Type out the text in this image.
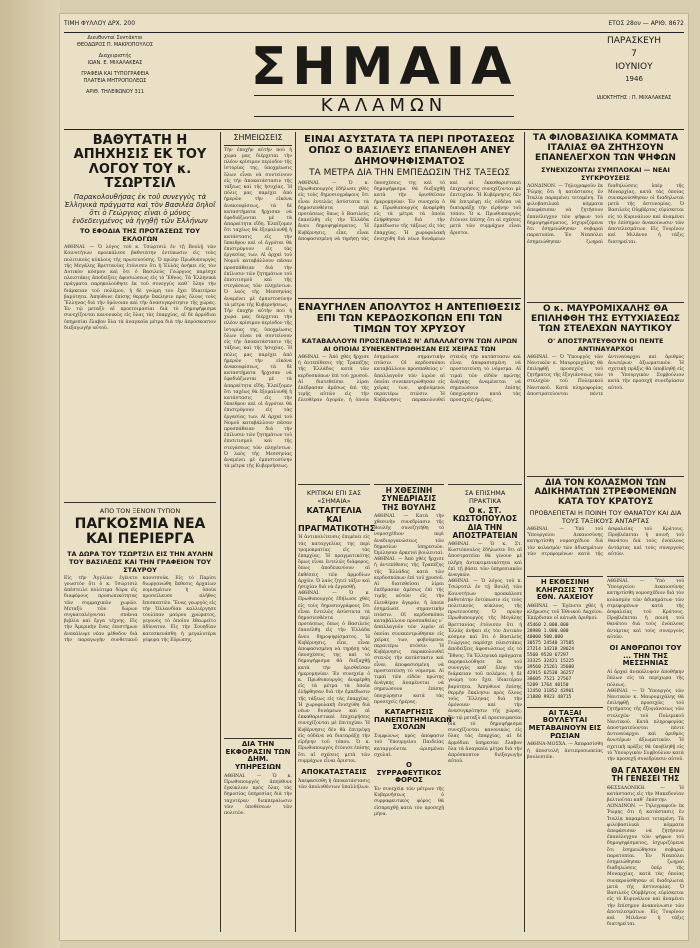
ΤΙΜΗ ΦΥΛΛΟΥ ΔΡΧ. 200	ΕΤΟΣ 28ον — ΑΡΙΘ. 8672
Διευθυνταί Συντάκται
ΘΕΟΔΩΡΟΣ Π. ΜΑΚΡΟΠΟΥΛΟΣ
Διαχειριστής
ΙΩΑΝ. Ε. ΜΙΧΑΛΑΚΕΑΣ
ΓΡΑΦΕΙΑ ΚΑΙ ΤΥΠΟΓΡΑΦΕΙΑ
ΠΛΑΤΕΙΑ ΜΗΤΡΟΠΟΛΕΩΣ
ΑΡΙΘ. ΤΗΛΕΦΩΝΟΥ 311	ΣΗΜΑΙΑ
ΚΑΛΑΜΩΝ
ΠΑΡΑΣΚΕΥΗ
7
ΙΟΥΝΙΟΥ
1946
ΙΔΙΟΚΤΗΤΗΣ : Π. ΜΙΧΑΛΑΚΕΑΣ
ΒΑΘΥΤΑΤΗ Η ΑΠΗΧΗΣΙΣ ΕΚ ΤΟΥ ΛΟΓΟΥ ΤΟΥ κ. ΤΣΩΡΤΣΙΛ
Παρακολουθήσας ἐκ τοῦ συνεγγὺς τὰ Ἑλληνικὰ πράγματα καὶ τὸν Βασιλέα δηλοῖ ὅτι ὁ Γεώργιος εἶναι ὁ μόνος ἐνδεδειγμένος νὰ ἡγηθῇ τῶν Ἑλλήνων
ΤΟ ΕΦΟΔΙΑ ΤΗΣ ΠΡΟΤΑΣΕΩΣ ΤΟΥ ΕΚΛΟΓΩΝ
ΑΘΗΝΑΙ. — Ὁ λόγος τοῦ κ. Τσώρτσιλ ἐν τῇ Βουλῇ τῶν Κοινοτήτων προεκάλεσε βαθυτάτην ἐντύπωσιν εἰς τοὺς πολιτικοὺς κύκλους τῆς πρωτευούσης. Ὁ πρώην Πρωθυπουργὸς τῆς Μεγάλης Βρεττανίας ἐτόνισεν ὅτι ἡ Ἑλλὰς ἀνήκει εἰς τὸν Δυτικὸν κόσμον καὶ ὅτι ὁ Βασιλεὺς Γεώργιος παρέσχε πλειστάκις ἀποδείξεις ἀφοσιώσεως εἰς τὸ Ἔθνος. Τὰ Ἑλληνικὰ πράγματα παρηκολούθησε ἐκ τοῦ συνεγγὺς καθ᾿ ὅλην τὴν διάρκειαν τοῦ πολέμου, ἡ δὲ γνώμη του ἔχει ἰδιαιτέραν βαρύτητα. Ἀπηύθυνε ἐπίσης θερμὴν ἔκκλησιν πρὸς ὅλους τοὺς Ἕλληνας διὰ τὴν ὁμόνοιαν καὶ τὴν ἀνασυγκρότησιν τῆς χώρας. Ἐν τῷ μεταξὺ αἱ προετοιμασίαι διὰ τὸ δημοψήφισμα συνεχίζονται κανονικῶς εἰς ὅλας τὰς ἐπαρχίας, αἱ δὲ ἁρμόδιαι ὑπηρεσίαι ἔλαβον ὅλα τὰ ἀναγκαῖα μέτρα διὰ τὴν ἀπρόσκοπτον διεξαγωγὴν αὐτοῦ.
ΑΠΟ ΤΟΝ ΞΕΝΟΝ ΤΥΠΟΝ
ΠΑΓΚΟΣΜΙΑ ΝΕΑ ΚΑΙ ΠΕΡΙΕΡΓΑ
ΤΑ ΔΩΡΑ ΤΟΥ ΤΣΩΡΤΣΙΛ ΕΙΣ ΤΗΝ ΑΥΛΗΝ ΤΟΥ ΒΑΣΙΛΕΩΣ ΚΑΙ ΤΗΝ ΓΡΑΦΕΙΟΝ ΤΟΥ ΣΤΑΥΡΟΥ
Εἰς τὴν Ἀγγλίαν ἐγένετο γνωστὸν ὅτι ὁ κ. Τσώρτσιλ ἀπέστειλε πολύτιμα δῶρα εἰς διαφόρους προσωπικότητας τῶν συμμαχικῶν χωρῶν. Μεταξὺ τῶν δώρων συγκαταλέγονται σπάνια βιβλία καὶ ἔργα τέχνης. Εἰς τὴν Ἀμερικὴν ἕνας ἐπιστήμων ἀνεκάλυψε νέαν μέθοδον διὰ τὴν παραγωγὴν συνθετικοῦ καουτσούκ. Εἰς τὸ Παρίσι διωργανώθη ἔκθεσις ἀρχαίων νομισμάτων ἡ ὁποία προσείλκυσε πλῆθος ἐπισκεπτῶν. Ἕνας γεωργὸς εἰς τὴν Ὀλλανδίαν καλλιέργησε τουλίπαν μαύρου χρώματος, γεγονὸς τὸ ὁποῖον ἐθεωρεῖτο ἀδύνατον. Εἰς τὴν Σουηδίαν κατεσκευάσθη ἡ μεγαλυτέρα γέφυρα τῆς Εὐρώπης.
ΣΗΜΕΙΩΣΕΙΣ
Τὴν ἐποχὴν αὐτὴν ποὺ ἡ χώρα μας διέρχεται τὴν πλέον κρίσιμον περίοδον τῆς ἱστορίας της, ὑποχρέωσις ὅλων εἶναι νὰ συντείνουν εἰς τὴν ἀποκατάστασιν τῆς τάξεως καὶ τῆς ἡσυχίας. Ἡ πόλις μας παρέχει ἀπὸ ἡμερῶν τὴν εἰκόνα ἀνακουφίσεως, τὰ δὲ καταστήματα ἤρχισαν νὰ ἐφοδιάζωνται μὲ τὰ ἀπαραίτητα εἴδη. Ἐλπίζομεν ὅτι ταχέως θὰ ἐξομαλυνθῇ ἡ κατάστασις εἰς τὴν ὕπαιθρον καὶ οἱ ἀγρόται θὰ ἐπιστρέψουν εἰς τὰς ἐργασίας των. Αἱ ἀρχαὶ τοῦ Νομοῦ καταβάλλουν πᾶσαν προσπάθειαν διὰ τὴν ἐπίλυσιν τῶν ζητημάτων τοῦ ἐπισιτισμοῦ καὶ τῆς στεγάσεως τῶν πληγέντων. Ὁ λαὸς τῆς Μεσσηνίας ἀναμένει μὲ ἐμπιστοσύνην τὰ μέτρα τῆς Κυβερνήσεως.
Τὴν ἐποχὴν αὐτὴν ποὺ ἡ χώρα μας διέρχεται τὴν πλέον κρίσιμον περίοδον τῆς ἱστορίας της, ὑποχρέωσις ὅλων εἶναι νὰ συντείνουν εἰς τὴν ἀποκατάστασιν τῆς τάξεως καὶ τῆς ἡσυχίας. Ἡ πόλις μας παρέχει ἀπὸ ἡμερῶν τὴν εἰκόνα ἀνακουφίσεως, τὰ δὲ καταστήματα ἤρχισαν νὰ ἐφοδιάζωνται μὲ τὰ ἀπαραίτητα εἴδη. Ἐλπίζομεν ὅτι ταχέως θὰ ἐξομαλυνθῇ ἡ κατάστασις εἰς τὴν ὕπαιθρον καὶ οἱ ἀγρόται θὰ ἐπιστρέψουν εἰς τὰς ἐργασίας των. Αἱ ἀρχαὶ τοῦ Νομοῦ καταβάλλουν πᾶσαν προσπάθειαν διὰ τὴν ἐπίλυσιν τῶν ζητημάτων τοῦ ἐπισιτισμοῦ καὶ τῆς στεγάσεως τῶν πληγέντων. Ὁ λαὸς τῆς Μεσσηνίας ἀναμένει μὲ ἐμπιστοσύνην τὰ μέτρα τῆς Κυβερνήσεως.
ΔΙΑ ΤΗΝ ΕΚΦΟΡΑΣΙΝ ΤΩΝ ΔΗΜ. ΥΠΗΡΕΣΙΩΝ
ΑΘΗΝΑΙ. — Ὁ κ. Πρωθυπουργὸς ἀπηύθυνε ἐγκύκλιον πρὸς ὅλας τὰς δημοσίας ὑπηρεσίας διὰ τὴν ταχυτέραν διεκπεραίωσιν τῶν ὑποθέσεων τῶν πολιτῶν.
ΕΙΝΑΙ ΑΣΥΣΤΑΤΑ ΤΑ ΠΕΡΙ ΠΡΟΤΑΣΕΩΣ ΟΠΩΣ Ο ΒΑΣΙΛΕΥΣ ΕΠΑΝΕΛΘΗ ΑΝΕΥ ΔΗΜΟΨΗΦΙΣΜΑΤΟΣ
ΤΑ ΜΕΤΡΑ ΔΙΑ ΤΗΝ ΕΜΠΕΔΩΣΙΝ ΤΗΣ ΤΑΞΕΩΣ
ΑΘΗΝΑΙ. — Ὁ κ. Πρωθυπουργὸς ἐδήλωσε χθὲς εἰς τοὺς δημοσιογράφους ὅτι εἶναι ἐντελῶς ἀσύστατα τὰ δημοσιευθέντα περὶ προτάσεως ὅπως ὁ Βασιλεὺς ἐπανέλθῃ εἰς τὴν Ἑλλάδα ἄνευ δημοψηφίσματος. Ἡ Κυβέρνησις, εἶπε, εἶναι ἀποφασισμένη νὰ τηρήσῃ τὰς ὑποσχέσεις της καὶ τὸ δημοψήφισμα θὰ διεξαχθῇ κατὰ τὴν ὁρισθεῖσαν ἡμερομηνίαν. Ἐν συνεχείᾳ ὁ κ. Πρωθυπουργὸς ἀνεφέρθη εἰς τὰ μέτρα τὰ ὁποῖα ἐλήφθησαν διὰ τὴν ἐμπέδωσιν τῆς τάξεως εἰς τὰς ἐπαρχίας. Ἡ χωροφυλακὴ ἐνισχύθη διὰ νέων δυνάμεων καὶ αἱ ἐκκαθαριστικαὶ ἐπιχειρήσεις συνεχίζονται μὲ ἐπιτυχίαν. Ἡ Κυβέρνησις δὲν θὰ ἐπιτρέψῃ εἰς οὐδένα νὰ διαταράξῃ τὴν εἰρήνην τοῦ τόπου. Ὁ κ. Πρωθυπουργὸς ἐτόνισε ἐπίσης ὅτι αἱ σχέσεις μετὰ τῶν συμμάχων εἶναι ἄριστοι.
ΕΝΑΥΓΗΛΕΝ ΑΠΟΛΥΤΟΣ Η ΑΝΤΕΠΙΘΕΣΙΣ ΕΠΙ ΤΩΝ ΚΕΡΔΟΣΚΟΠΩΝ ΕΠΙ ΤΩΝ ΤΙΜΩΝ ΤΟΥ ΧΡΥΣΟΥ
ΚΑΤΑΒΑΛΛΟΥΝ ΠΡΟΣΠΑΘΕΙΑΣ Ν' ΑΠΑΛΛΑΓΟΥΝ ΤΩΝ ΛΙΡΩΝ ΑΙ ΟΠΟΙΑΙ ΣΥΝΕΚΕΝΤΡΩΘΗΣΑΝ ΕΙΣ ΧΕΙΡΑΣ ΤΩΝ
ΑΘΗΝΑΙ. — Ἀπὸ χθὲς ἤρχισε ἡ ἀντεπίθεσις τῆς Τραπέζης τῆς Ἑλλάδος κατὰ τῶν κερδοσκόπων ἐπὶ τοῦ χρυσοῦ. Αἱ διατεθεῖσαι λίραι ἐπέδρασαν ἀμέσως ἐπὶ τῆς τιμῆς αὐτῶν εἰς τὴν ἐλευθέραν ἀγοράν, ἡ ὁποία ἐσημείωσε σημαντικὴν πτῶσιν. Οἱ κερδοσκόποι καταβάλλουν προσπαθείας ν᾿ ἀπαλλαγοῦν τῶν λιρῶν αἱ ὁποῖαι συνεκεντρώθησαν εἰς χεῖρας των, φοβούμενοι περαιτέρω πτῶσιν. Ἡ Κυβέρνησις παρακολουθεῖ στενῶς τὴν κατάστασιν καὶ εἶναι ἀποφασισμένη νὰ προστατεύσῃ τὸ νόμισμα. Αἱ τιμαὶ τῶν εἰδῶν πρώτης ἀνάγκης ἀναμένεται νὰ σημειώσουν ἐπίσης ὑποχώρησιν κατὰ τὰς προσεχεῖς ἡμέρας.
ΚΡΙΤΙΚΑΙ ΕΠΙ ΣΑΣ «ΣΗΜΑΙΑ»
ΚΑΤΑΓΓΕΛΙΑ ΚΑΙ ΠΡΑΓΜΑΤΙΚΟΤΗΣ
Ἡ ἀντιπολίτευσις ἐπιμένει εἰς τὰς καταγγελίας της περὶ τρομοκρατίας εἰς τὰς ἐπαρχίας. Ἡ πραγματικότης ὅμως εἶναι ἐντελῶς διάφορος, ὅπως ἀποδεικνύουν αἱ ἐκθέσεις τῶν ἀρμοδίων ἀρχῶν. Ὁ λαὸς ζητεῖ τάξιν καὶ ἡσυχίαν διὰ νὰ ἐργασθῇ.
ΑΘΗΝΑΙ. — Ὁ κ. Πρωθυπουργὸς ἐδήλωσε χθὲς εἰς τοὺς δημοσιογράφους ὅτι εἶναι ἐντελῶς ἀσύστατα τὰ δημοσιευθέντα περὶ προτάσεως ὅπως ὁ Βασιλεὺς ἐπανέλθῃ εἰς τὴν Ἑλλάδα ἄνευ δημοψηφίσματος. Ἡ Κυβέρνησις, εἶπε, εἶναι ἀποφασισμένη νὰ τηρήσῃ τὰς ὑποσχέσεις της καὶ τὸ δημοψήφισμα θὰ διεξαχθῇ κατὰ τὴν ὁρισθεῖσαν ἡμερομηνίαν. Ἐν συνεχείᾳ ὁ κ. Πρωθυπουργὸς ἀνεφέρθη εἰς τὰ μέτρα τὰ ὁποῖα ἐλήφθησαν διὰ τὴν ἐμπέδωσιν τῆς τάξεως εἰς τὰς ἐπαρχίας. Ἡ χωροφυλακὴ ἐνισχύθη διὰ νέων δυνάμεων καὶ αἱ ἐκκαθαριστικαὶ ἐπιχειρήσεις συνεχίζονται μὲ ἐπιτυχίαν. Ἡ Κυβέρνησις δὲν θὰ ἐπιτρέψῃ εἰς οὐδένα νὰ διαταράξῃ τὴν εἰρήνην τοῦ τόπου. Ὁ κ. Πρωθυπουργὸς ἐτόνισε ἐπίσης ὅτι αἱ σχέσεις μετὰ τῶν συμμάχων εἶναι ἄριστοι.
ΑΠΟΚΑΤΑΣΤΑΣΙΣ
Ἀπεφασίσθη ἡ ἀποκατάστασις τῶν ἀπολυθέντων ὑπαλλήλων.
Η ΧΘΕΣΙΝΗ ΣΥΝΕΔΡΙΑΣΙΣ ΤΗΣ ΒΟΥΛΗΣ
ΑΘΗΝΑΙ. — Κατὰ τὴν χθεσινὴν συνεδρίασιν τῆς Βουλῆς συνεζητήθη τὸ νομοσχέδιον περὶ ἀναδιοργανώσεως τῶν δημοσίων ὑπηρεσιῶν. Ὡμίλησαν ἀρκετοὶ βουλευταί.
ΑΘΗΝΑΙ. — Ἀπὸ χθὲς ἤρχισε ἡ ἀντεπίθεσις τῆς Τραπέζης τῆς Ἑλλάδος κατὰ τῶν κερδοσκόπων ἐπὶ τοῦ χρυσοῦ. Αἱ διατεθεῖσαι λίραι ἐπέδρασαν ἀμέσως ἐπὶ τῆς τιμῆς αὐτῶν εἰς τὴν ἐλευθέραν ἀγοράν, ἡ ὁποία ἐσημείωσε σημαντικὴν πτῶσιν. Οἱ κερδοσκόποι καταβάλλουν προσπαθείας ν᾿ ἀπαλλαγοῦν τῶν λιρῶν αἱ ὁποῖαι συνεκεντρώθησαν εἰς χεῖρας των, φοβούμενοι περαιτέρω πτῶσιν. Ἡ Κυβέρνησις παρακολουθεῖ στενῶς τὴν κατάστασιν καὶ εἶναι ἀποφασισμένη νὰ προστατεύσῃ τὸ νόμισμα. Αἱ τιμαὶ τῶν εἰδῶν πρώτης ἀνάγκης ἀναμένεται νὰ σημειώσουν ἐπίσης ὑποχώρησιν κατὰ τὰς προσεχεῖς ἡμέρας.
ΚΑΤΑΡΓΗΣΙΣ ΠΑΝΕΠΙΣΤΗΜΙΑΚΩΝ ΣΧΟΛΩΝ
Συμφώνως πρὸς ἀπόφασιν τοῦ Ὑπουργείου Παιδείας καταργοῦνται ὡρισμέναι σχολαί.
Ο ΣΥΡΡΑΦΕΥΤΙΚΟΣ ΦΟΡΟΣ
Ἐν συνεχείᾳ τῶν μέτρων τῆς Κυβερνήσεως ὁ συρραφευτικὸς φόρος θὰ εἰσπραχθῇ κατὰ τὸν προσεχῆ μῆνα.
ΣΑ ΕΠΙΣΗΜΑ ΠΡΑΚΤΙΚΑ
Ο κ. ΣΤ. ΚΩΣΤΟΠΟΥΛΟΣ ΔΙΑ ΤΗΝ ΑΠΟΣΤΡΑΤΕΙΑΝ
ΑΘΗΝΑΙ. — Ὁ κ. Στ. Κωστόπουλος ἐδήλωσεν ὅτι αἱ ἀποστρατεῖαι θὰ γίνουν μὲ πλήρη ἀντικειμενικότητα καὶ ἐπὶ τῇ βάσει τῶν ὑπηρεσιακῶν ἀναγκῶν.
ΑΘΗΝΑΙ. — Ὁ λόγος τοῦ κ. Τσώρτσιλ ἐν τῇ Βουλῇ τῶν Κοινοτήτων προεκάλεσε βαθυτάτην ἐντύπωσιν εἰς τοὺς πολιτικοὺς κύκλους τῆς πρωτευούσης. Ὁ πρώην Πρωθυπουργὸς τῆς Μεγάλης Βρεττανίας ἐτόνισεν ὅτι ἡ Ἑλλὰς ἀνήκει εἰς τὸν Δυτικὸν κόσμον καὶ ὅτι ὁ Βασιλεὺς Γεώργιος παρέσχε πλειστάκις ἀποδείξεις ἀφοσιώσεως εἰς τὸ Ἔθνος. Τὰ Ἑλληνικὰ πράγματα παρηκολούθησε ἐκ τοῦ συνεγγὺς καθ᾿ ὅλην τὴν διάρκειαν τοῦ πολέμου, ἡ δὲ γνώμη του ἔχει ἰδιαιτέραν βαρύτητα. Ἀπηύθυνε ἐπίσης θερμὴν ἔκκλησιν πρὸς ὅλους τοὺς Ἕλληνας διὰ τὴν ὁμόνοιαν καὶ τὴν ἀνασυγκρότησιν τῆς χώρας. Ἐν τῷ μεταξὺ αἱ προετοιμασίαι διὰ τὸ δημοψήφισμα συνεχίζονται κανονικῶς εἰς ὅλας τὰς ἐπαρχίας, αἱ δὲ ἁρμόδιαι ὑπηρεσίαι ἔλαβον ὅλα τὰ ἀναγκαῖα μέτρα διὰ τὴν ἀπρόσκοπτον διεξαγωγὴν αὐτοῦ.
ΤΑ ΦΙΛΟΒΑΣΙΛΙΚΑ ΚΟΜΜΑΤΑ ΙΤΑΛΙΑΣ ΘΑ ΖΗΤΗΣΟΥΝ ΕΠΑΝΕΛΕΓΧΟΝ ΤΩΝ ΨΗΦΩΝ
ΣΥΝΕΧΙΖΟΝΤΑΙ ΣΥΜΠΛΟΚΑΙ — ΝΕΑΙ ΣΥΓΚΡΟΥΣΕΙΣ
ΛΟΝΔΙΝΟΝ. — Τηλεγραφοῦν ἐκ Ῥώμης ὅτι ἡ κατάστασις ἐν Ἰταλίᾳ παραμένει τεταμένη. Τὰ φιλοβασιλικὰ κόμματα ἀπεφάσισαν νὰ ζητήσουν ἐπανέλεγχον τῶν ψήφων τοῦ δημοψηφίσματος, ἰσχυριζόμενα ὅτι ἐσημειώθησαν σοβαραὶ παρατυπίαι. Ἐν Νεαπόλει ἐσημειώθησαν ζωηραὶ διαδηλώσεις ὑπὲρ τῆς Μοναρχίας, κατὰ τὰς ὁποίας συνεκρούσθησαν οἱ διαδηλωταὶ μετὰ τῆς ἀστυνομίας. Ὁ Βασιλεὺς Οὐμβέρτος εὑρίσκεται εἰς τὸ Κυρινάλιον καὶ ἀναμένει τὴν ἐπίσημον ἀνακοίνωσιν τῶν ἀποτελεσμάτων. Εἰς Τουρῖνον καὶ Μιλᾶνον ἡ τάξις διατηρεῖται.
Ο κ. ΜΑΥΡΟΜΙΧΑΛΗΣ ΘΑ ΕΠΙΛΗΦΘΗ ΤΗΣ ΕΥΤΥΧΙΑΣΕΩΣ ΤΩΝ ΣΤΕΛΕΧΩΝ ΝΑΥΤΙΚΟΥ
Ο' ΑΠΟΣΤΡΑΤΕΥΘΟΥΝ ΟΙ ΠΕΝΤΕ ΑΝΤΙΝΑΥΑΡΧΟΙ
ΑΘΗΝΑΙ. — Ὁ Ὑπουργὸς τῶν Ναυτικῶν κ. Μαυρομιχάλης θὰ ἐπιληφθῇ προσεχῶς τοῦ ζητήματος τῆς ἐξυγιάνσεως τῶν στελεχῶν τοῦ Πολεμικοῦ Ναυτικοῦ. Κατὰ πληροφορίας ἀποστρατεύονται πέντε ἀντιναύαρχοι καὶ ἀριθμὸς ἀνωτέρων ἀξιωματικῶν. Ἡ σχετικὴ πρᾶξις θὰ ὑποβληθῇ εἰς τὸ Ὑπουργικὸν Συμβούλιον κατὰ τὴν προσεχῆ συνεδρίασιν αὐτοῦ.
ΔΙΑ ΤΟΝ ΚΟΛΑΣΜΟΝ ΤΩΝ ΑΔΙΚΗΜΑΤΩΝ ΣΤΡΕΦΟΜΕΝΩΝ ΚΑΤΑ ΤΟΥ ΚΡΑΤΟΥΣ
ΠΡΟΒΛΕΠΕΤΑΙ Η ΠΟΙΝΗ ΤΟΥ ΘΑΝΑΤΟΥ ΚΑΙ ΔΙΑ ΤΟΥΣ ΤΑΞΙΚΟΥΣ ΑΝΤΑΡΤΑΣ
ΑΘΗΝΑΙ. — Ὑπὸ τοῦ Ὑπουργείου Δικαιοσύνης κατηρτίσθη νομοσχέδιον διὰ τὸν κολασμὸν τῶν ἀδικημάτων τῶν στρεφομένων κατὰ τῆς ἀσφαλείας τοῦ Κράτους. Προβλέπεται ἡ ποινὴ τοῦ θανάτου διὰ τοὺς ἐνόπλους ἀντάρτας καὶ τοὺς συνεργοὺς αὐτῶν.
Η ΕΚΘΕΣΙΝΗ ΚΛΗΡΩΣΙΣ ΤΟΥ ΕΘΝ. ΛΑΧΕΙΟΥ
ΑΘΗΝΑΙ. — Ἐγένετο χθὲς ἡ κλήρωσις τοῦ Ἐθνικοῦ Λαχείου. Ἐκέρδισαν οἱ κάτωθι ἀριθμοί:
45460 2.000.000
28980 1.000.000
40000 500.000
30575 24540 37585
27214 14218 28624
5560 9520 67297
33325 32421 15225
39560 25261 35600
42915 62530 36257
38605 7521 27567
5289 1764 40150
12450 31852 43901
21880 9923 48715
ΑΙ ΤΑΞΑΙ ΒΟΥΛΕΥΤΑΙ ΜΕΤΑΒΑΙΝΟΥΝ ΕΙΣ ΡΩΣΙΑΝ
ΑΘΗΝΑ-ΜΟΣΧΑ. — Ἀπεφασίσθη ἡ ἀποστολὴ ἀντιπροσωπείας βουλευτῶν.
ΑΘΗΝΑΙ. — Ὑπὸ τοῦ Ὑπουργείου Δικαιοσύνης κατηρτίσθη νομοσχέδιον διὰ τὸν κολασμὸν τῶν ἀδικημάτων τῶν στρεφομένων κατὰ τῆς ἀσφαλείας τοῦ Κράτους. Προβλέπεται ἡ ποινὴ τοῦ θανάτου διὰ τοὺς ἐνόπλους ἀντάρτας καὶ τοὺς συνεργοὺς αὐτῶν.
ΟΙ ΑΝΘΡΩΠΟΙ ΤΟΥ ... ΤΗΝ ΤΗΣ ΜΕΣΣΗΝΙΑΣ
Αἱ ἀρχαὶ ἀνεκάλυψαν ἀποθήκην ὅπλων εἰς τὰ περίχωρα τῆς πόλεως.
ΑΘΗΝΑΙ. — Ὁ Ὑπουργὸς τῶν Ναυτικῶν κ. Μαυρομιχάλης θὰ ἐπιληφθῇ προσεχῶς τοῦ ζητήματος τῆς ἐξυγιάνσεως τῶν στελεχῶν τοῦ Πολεμικοῦ Ναυτικοῦ. Κατὰ πληροφορίας ἀποστρατεύονται πέντε ἀντιναύαρχοι καὶ ἀριθμὸς ἀνωτέρων ἀξιωματικῶν. Ἡ σχετικὴ πρᾶξις θὰ ὑποβληθῇ εἰς τὸ Ὑπουργικὸν Συμβούλιον κατὰ τὴν προσεχῆ συνεδρίασιν αὐτοῦ.
ΘΑ ΓΑΤΑΧΘΗ ΕΝ ΤΗ ΓΕΝΕΣΕΙ ΤΗΣ
ΘΕΣΣΑΛΟΝΙΚΗ. — Ἡ κατάστασις εἰς τὴν Μακεδονίαν βελτιοῦται καθ᾿ ἑκάστην.
ΛΟΝΔΙΝΟΝ. — Τηλεγραφοῦν ἐκ Ῥώμης ὅτι ἡ κατάστασις ἐν Ἰταλίᾳ παραμένει τεταμένη. Τὰ φιλοβασιλικὰ κόμματα ἀπεφάσισαν νὰ ζητήσουν ἐπανέλεγχον τῶν ψήφων τοῦ δημοψηφίσματος, ἰσχυριζόμενα ὅτι ἐσημειώθησαν σοβαραὶ παρατυπίαι. Ἐν Νεαπόλει ἐσημειώθησαν ζωηραὶ διαδηλώσεις ὑπὲρ τῆς Μοναρχίας, κατὰ τὰς ὁποίας συνεκρούσθησαν οἱ διαδηλωταὶ μετὰ τῆς ἀστυνομίας. Ὁ Βασιλεὺς Οὐμβέρτος εὑρίσκεται εἰς τὸ Κυρινάλιον καὶ ἀναμένει τὴν ἐπίσημον ἀνακοίνωσιν τῶν ἀποτελεσμάτων. Εἰς Τουρῖνον καὶ Μιλᾶνον ἡ τάξις διατηρεῖται.
